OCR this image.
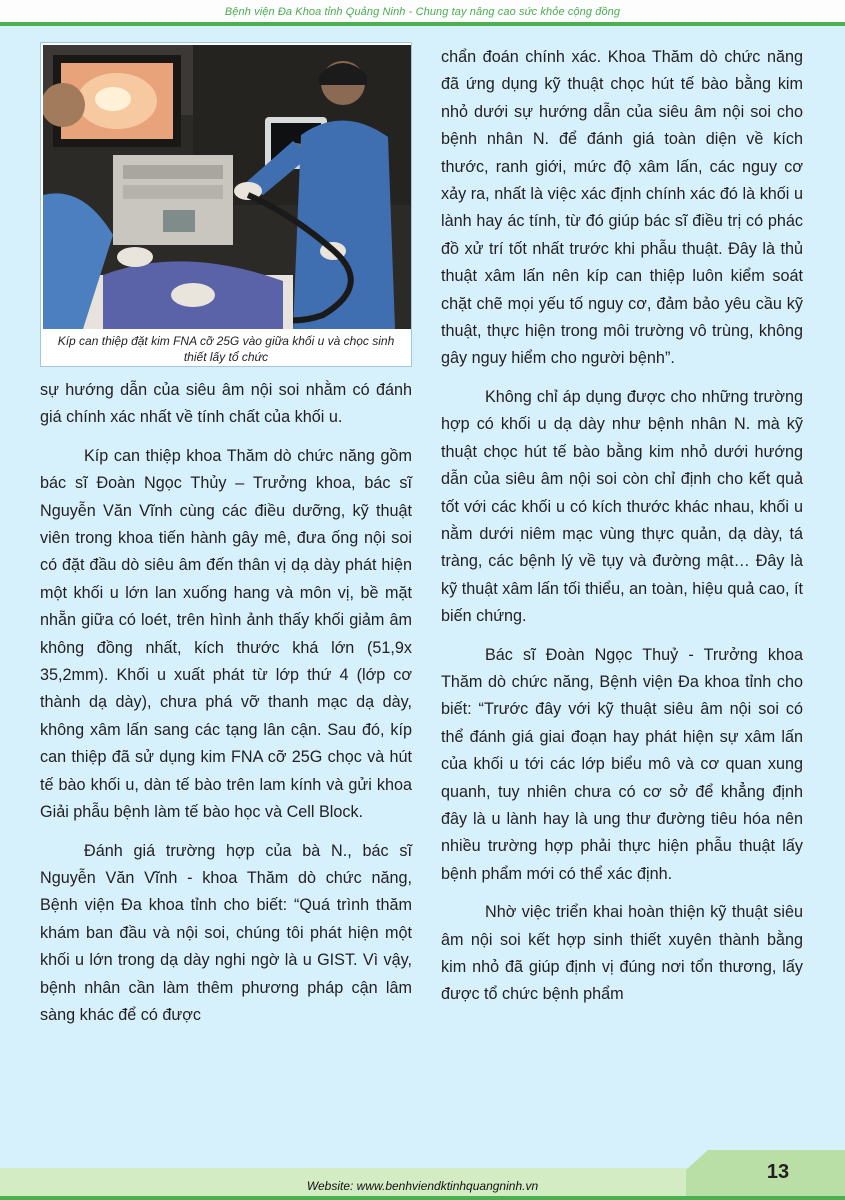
Bệnh viện Đa Khoa tỉnh Quảng Ninh - Chung tay nâng cao sức khỏe cộng đồng
Kíp can thiệp đặt kim FNA cỡ 25G vào giữa khối u và chọc sinh thiết lấy tổ chức

sự hướng dẫn của siêu âm nội soi nhằm có đánh giá chính xác nhất về tính chất của khối u.

Kíp can thiệp khoa Thăm dò chức năng gồm bác sĩ Đoàn Ngọc Thủy – Trưởng khoa, bác sĩ Nguyễn Văn Vĩnh cùng các điều dưỡng, kỹ thuật viên trong khoa tiến hành gây mê, đưa ống nội soi có đặt đầu dò siêu âm đến thân vị dạ dày phát hiện một khối u lớn lan xuống hang và môn vị, bề mặt nhẵn giữa có loét, trên hình ảnh thấy khối giảm âm không đồng nhất, kích thước khá lớn (51,9x 35,2mm). Khối u xuất phát từ lớp thứ 4 (lớp cơ thành dạ dày), chưa phá vỡ thanh mạc dạ dày, không xâm lấn sang các tạng lân cận. Sau đó, kíp can thiệp đã sử dụng kim FNA cỡ 25G chọc và hút tế bào khối u, dàn tế bào trên lam kính và gửi khoa Giải phẫu bệnh làm tế bào học và Cell Block.

Đánh giá trường hợp của bà N., bác sĩ Nguyễn Văn Vĩnh - khoa Thăm dò chức năng, Bệnh viện Đa khoa tỉnh cho biết: “Quá trình thăm khám ban đầu và nội soi, chúng tôi phát hiện một khối u lớn trong dạ dày nghi ngờ là u GIST. Vì vậy, bệnh nhân cần làm thêm phương pháp cận lâm sàng khác để có được

chẩn đoán chính xác. Khoa Thăm dò chức năng đã ứng dụng kỹ thuật chọc hút tế bào bằng kim nhỏ dưới sự hướng dẫn của siêu âm nội soi cho bệnh nhân N. để đánh giá toàn diện về kích thước, ranh giới, mức độ xâm lấn, các nguy cơ xảy ra, nhất là việc xác định chính xác đó là khối u lành hay ác tính, từ đó giúp bác sĩ điều trị có phác đồ xử trí tốt nhất trước khi phẫu thuật. Đây là thủ thuật xâm lấn nên kíp can thiệp luôn kiểm soát chặt chẽ mọi yếu tố nguy cơ, đảm bảo yêu cầu kỹ thuật, thực hiện trong môi trường vô trùng, không gây nguy hiểm cho người bệnh”.

Không chỉ áp dụng được cho những trường hợp có khối u dạ dày như bệnh nhân N. mà kỹ thuật chọc hút tế bào bằng kim nhỏ dưới hướng dẫn của siêu âm nội soi còn chỉ định cho kết quả tốt với các khối u có kích thước khác nhau, khối u nằm dưới niêm mạc vùng thực quản, dạ dày, tá tràng, các bệnh lý về tụy và đường mật… Đây là kỹ thuật xâm lấn tối thiểu, an toàn, hiệu quả cao, ít biến chứng.

Bác sĩ Đoàn Ngọc Thuỷ - Trưởng khoa Thăm dò chức năng, Bệnh viện Đa khoa tỉnh cho biết: “Trước đây với kỹ thuật siêu âm nội soi có thể đánh giá giai đoạn hay phát hiện sự xâm lấn của khối u tới các lớp biểu mô và cơ quan xung quanh, tuy nhiên chưa có cơ sở để khẳng định đây là u lành hay là ung thư đường tiêu hóa nên nhiều trường hợp phải thực hiện phẫu thuật lấy bệnh phẩm mới có thể xác định.

Nhờ việc triển khai hoàn thiện kỹ thuật siêu âm nội soi kết hợp sinh thiết xuyên thành bằng kim nhỏ đã giúp định vị đúng nơi tổn thương, lấy được tổ chức bệnh phẩm

Website: www.benhviendktinhquangninh.vn
13
